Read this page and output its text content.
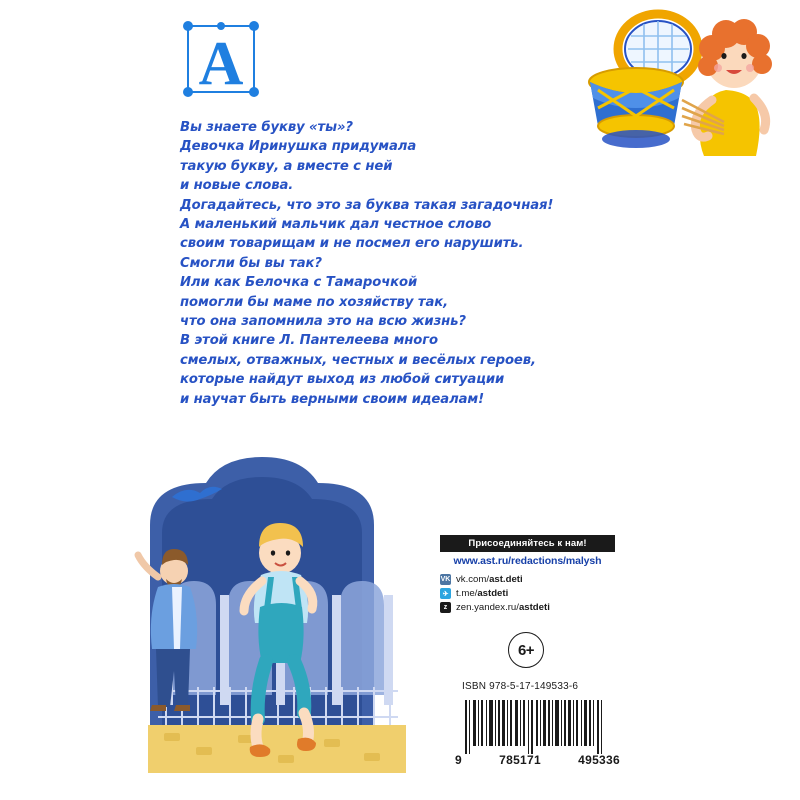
A
Вы знаете букву «ты»?
Девочка Иринушка придумала
такую букву, а вместе с ней
и новые слова.
Догадайтесь, что это за буква такая загадочная!
А маленький мальчик дал честное слово
своим товарищам и не посмел его нарушить.
Смогли бы вы так?
Или как Белочка с Тамарочкой
помогли бы маме по хозяйству так,
что она запомнила это на всю жизнь?
В этой книге Л. Пантелеева много
смелых, отважных, честных и весёлых героев,
которые найдут выход из любой ситуации
и научат быть верными своим идеалам!
Присоединяйтесь к нам!
www.ast.ru/redactions/malysh
VK vk.com/ ast.deti
✈ t.me/ astdeti
z zen.yandex.ru/ astdeti
6+
ISBN 978-5-17-149533-6
9	785171	495336
